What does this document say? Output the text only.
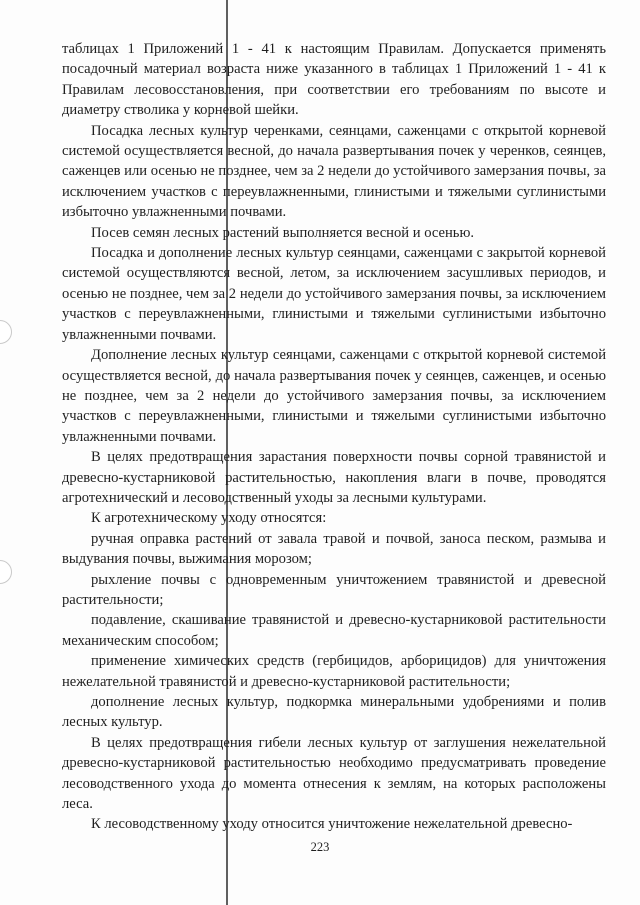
таблицах 1 Приложений 1 - 41 к настоящим Правилам. Допускается применять посадочный материал возраста ниже указанного в таблицах 1 Приложений 1 - 41 к Правилам лесовосстановления, при соответствии его требованиям по высоте и диаметру стволика у корневой шейки.

Посадка лесных культур черенками, сеянцами, саженцами с открытой корневой системой осуществляется весной, до начала развертывания почек у черенков, сеянцев, саженцев или осенью не позднее, чем за 2 недели до устойчивого замерзания почвы, за исключением участков с переувлажненными, глинистыми и тяжелыми суглинистыми избыточно увлажненными почвами.

Посев семян лесных растений выполняется весной и осенью.

Посадка и дополнение лесных культур сеянцами, саженцами с закрытой корневой системой осуществляются весной, летом, за исключением засушливых периодов, и осенью не позднее, чем за 2 недели до устойчивого замерзания почвы, за исключением участков с переувлажненными, глинистыми и тяжелыми суглинистыми избыточно увлажненными почвами.

Дополнение лесных культур сеянцами, саженцами с открытой корневой системой осуществляется весной, до начала развертывания почек у сеянцев, саженцев, и осенью не позднее, чем за 2 недели до устойчивого замерзания почвы, за исключением участков с переувлажненными, глинистыми и тяжелыми суглинистыми избыточно увлажненными почвами.

В целях предотвращения зарастания поверхности почвы сорной травянистой и древесно-кустарниковой растительностью, накопления влаги в почве, проводятся агротехнический и лесоводственный уходы за лесными культурами.

К агротехническому уходу относятся:

ручная оправка растений от завала травой и почвой, заноса песком, размыва и выдувания почвы, выжимания морозом;

рыхление почвы с одновременным уничтожением травянистой и древесной растительности;

подавление, скашивание травянистой и древесно-кустарниковой растительности механическим способом;

применение химических средств (гербицидов, арборицидов) для уничтожения нежелательной травянистой и древесно-кустарниковой растительности;

дополнение лесных культур, подкормка минеральными удобрениями и полив лесных культур.

В целях предотвращения гибели лесных культур от заглушения нежелательной древесно-кустарниковой растительностью необходимо предусматривать проведение лесоводственного ухода до момента отнесения к землям, на которых расположены леса.

К лесоводственному уходу относится уничтожение нежелательной древесно-

223
